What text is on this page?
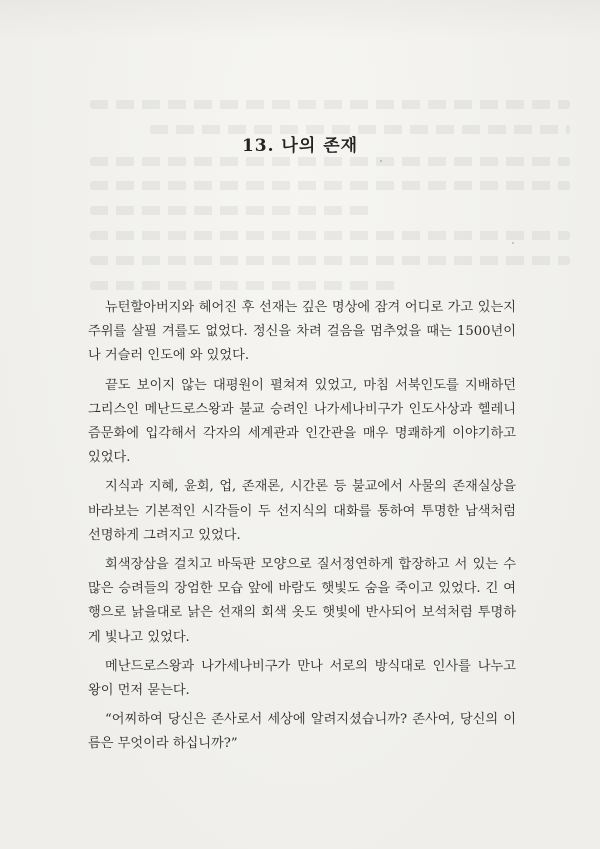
13. 나의 존재

뉴턴할아버지와 헤어진 후 선재는 깊은 명상에 잠겨 어디로 가고 있는지 주위를 살필 겨를도 없었다. 정신을 차려 걸음을 멈추었을 때는 1500년이나 거슬러 인도에 와 있었다.

끝도 보이지 않는 대평원이 펼쳐져 있었고, 마침 서북인도를 지배하던 그리스인 메난드로스왕과 불교 승려인 나가세나비구가 인도사상과 헬레니즘문화에 입각해서 각자의 세계관과 인간관을 매우 명쾌하게 이야기하고 있었다.

지식과 지혜, 윤회, 업, 존재론, 시간론 등 불교에서 사물의 존재실상을 바라보는 기본적인 시각들이 두 선지식의 대화를 통하여 투명한 남색처럼 선명하게 그려지고 있었다.

회색장삼을 걸치고 바둑판 모양으로 질서정연하게 합장하고 서 있는 수많은 승려들의 장엄한 모습 앞에 바람도 햇빛도 숨을 죽이고 있었다. 긴 여행으로 낡을대로 낡은 선재의 회색 옷도 햇빛에 반사되어 보석처럼 투명하게 빛나고 있었다.

메난드로스왕과 나가세나비구가 만나 서로의 방식대로 인사를 나누고 왕이 먼저 묻는다.

“어찌하여 당신은 존사로서 세상에 알려지셨습니까? 존사여, 당신의 이름은 무엇이라 하십니까?”
